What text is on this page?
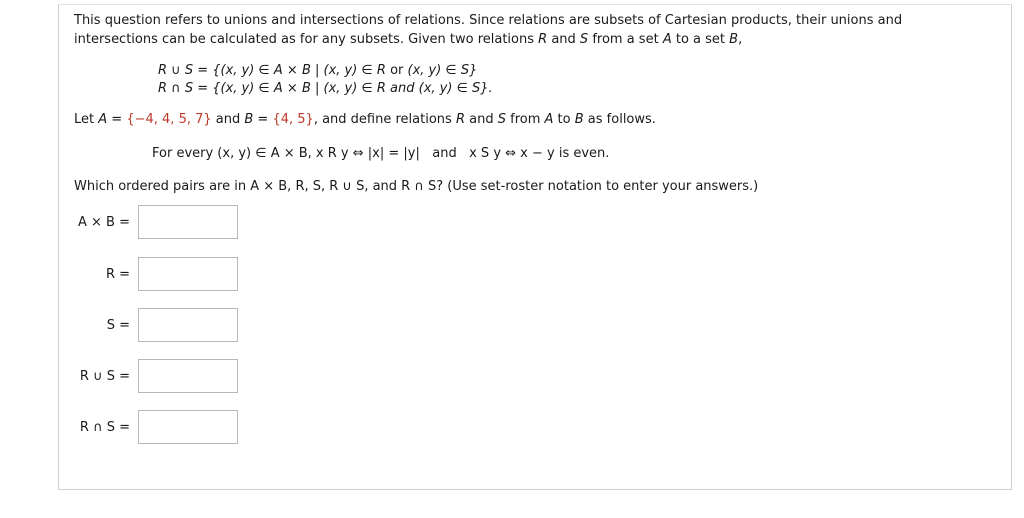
This question refers to unions and intersections of relations. Since relations are subsets of Cartesian products, their unions and
intersections can be calculated as for any subsets. Given two relations R and S from a set A to a set B,

R ∪ S = {(x, y) ∈ A × B | (x, y) ∈ R or (x, y) ∈ S}
R ∩ S = {(x, y) ∈ A × B | (x, y) ∈ R and (x, y) ∈ S}.
Let A = {−4, 4, 5, 7} and B = {4, 5}, and define relations R and S from A to B as follows.
For every (x, y) ∈ A × B, x R y ⇔ |x| = |y| and x S y ⇔ x − y is even.
Which ordered pairs are in A × B, R, S, R ∪ S, and R ∩ S? (Use set-roster notation to enter your answers.)
A × B =
R =
S =
R ∪ S =
R ∩ S =
